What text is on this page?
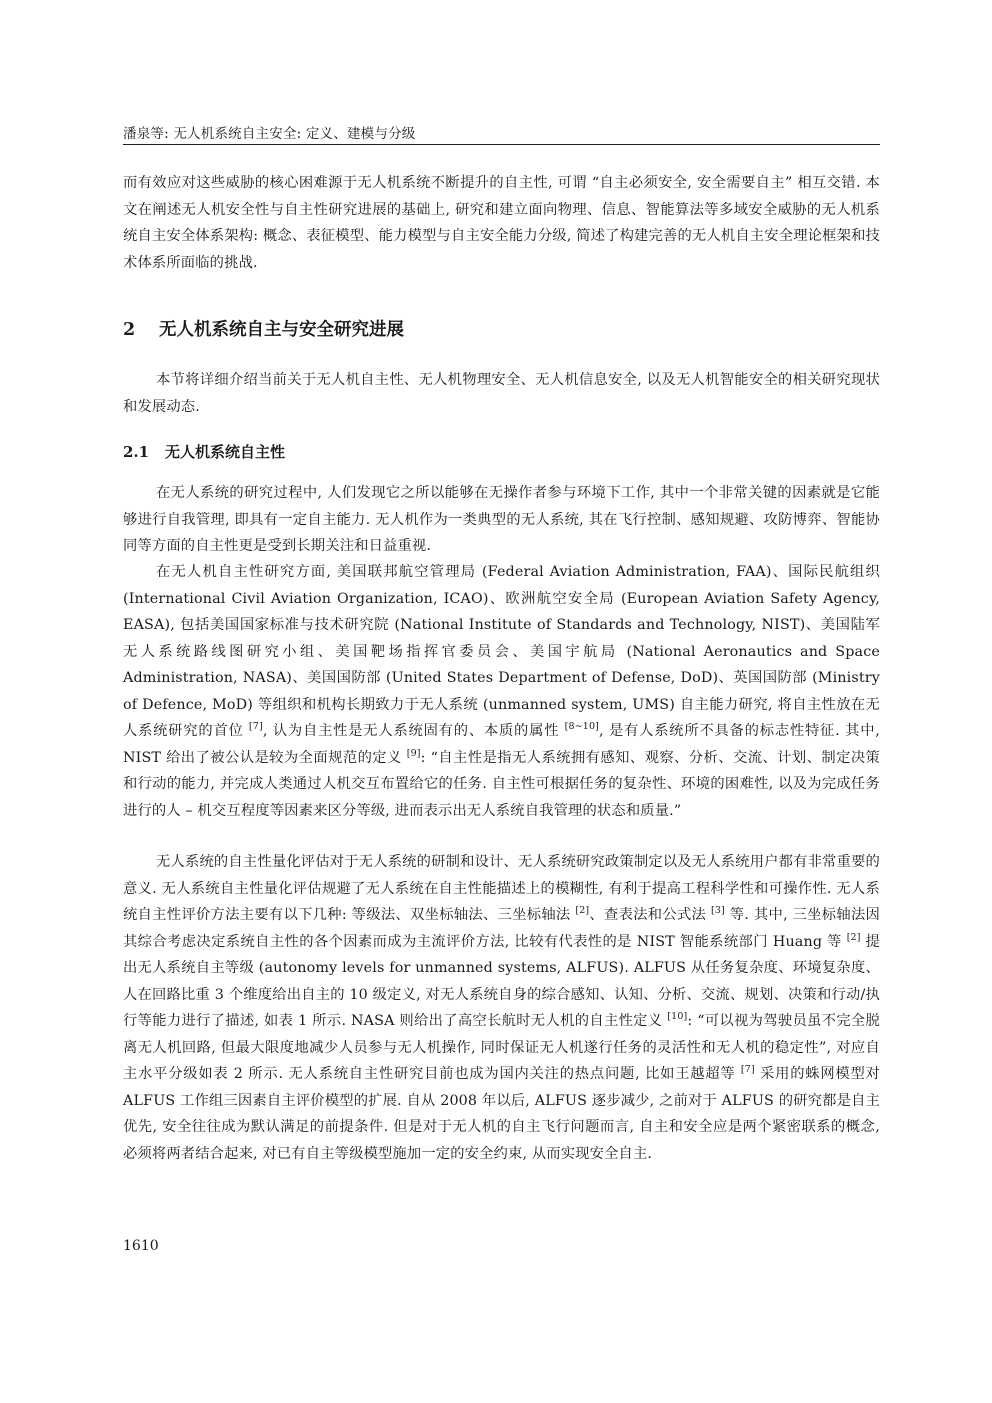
潘泉等: 无人机系统自主安全: 定义、建模与分级

而有效应对这些威胁的核心困难源于无人机系统不断提升的自主性, 可谓 “自主必须安全, 安全需要自主” 相互交错. 本文在阐述无人机安全性与自主性研究进展的基础上, 研究和建立面向物理、信息、智能算法等多域安全威胁的无人机系统自主安全体系架构: 概念、表征模型、能力模型与自主安全能力分级, 简述了构建完善的无人机自主安全理论框架和技术体系所面临的挑战.

2 无人机系统自主与安全研究进展

本节将详细介绍当前关于无人机自主性、无人机物理安全、无人机信息安全, 以及无人机智能安全的相关研究现状和发展动态.

2.1 无人机系统自主性

在无人系统的研究过程中, 人们发现它之所以能够在无操作者参与环境下工作, 其中一个非常关键的因素就是它能够进行自我管理, 即具有一定自主能力. 无人机作为一类典型的无人系统, 其在飞行控制、感知规避、攻防博弈、智能协同等方面的自主性更是受到长期关注和日益重视.

在无人机自主性研究方面, 美国联邦航空管理局 (Federal Aviation Administration, FAA)、国际民航组织 (International Civil Aviation Organization, ICAO)、欧洲航空安全局 (European Aviation Safety Agency, EASA), 包括美国国家标准与技术研究院 (National Institute of Standards and Technology, NIST)、美国陆军无人系统路线图研究小组、美国靶场指挥官委员会、美国宇航局 (National Aeronautics and Space Administration, NASA)、美国国防部 (United States Department of Defense, DoD)、英国国防部 (Ministry of Defence, MoD) 等组织和机构长期致力于无人系统 (unmanned system, UMS) 自主能力研究, 将自主性放在无人系统研究的首位 [7], 认为自主性是无人系统固有的、本质的属性 [8∼10], 是有人系统所不具备的标志性特征. 其中, NIST 给出了被公认是较为全面规范的定义 [9]: “自主性是指无人系统拥有感知、观察、分析、交流、计划、制定决策和行动的能力, 并完成人类通过人机交互布置给它的任务. 自主性可根据任务的复杂性、环境的困难性, 以及为完成任务进行的人 – 机交互程度等因素来区分等级, 进而表示出无人系统自我管理的状态和质量.”

无人系统的自主性量化评估对于无人系统的研制和设计、无人系统研究政策制定以及无人系统用户都有非常重要的意义. 无人系统自主性量化评估规避了无人系统在自主性能描述上的模糊性, 有利于提高工程科学性和可操作性. 无人系统自主性评价方法主要有以下几种: 等级法、双坐标轴法、三坐标轴法 [2]、查表法和公式法 [3] 等. 其中, 三坐标轴法因其综合考虑决定系统自主性的各个因素而成为主流评价方法, 比较有代表性的是 NIST 智能系统部门 Huang 等 [2] 提出无人系统自主等级 (autonomy levels for unmanned systems, ALFUS). ALFUS 从任务复杂度、环境复杂度、人在回路比重 3 个维度给出自主的 10 级定义, 对无人系统自身的综合感知、认知、分析、交流、规划、决策和行动/执行等能力进行了描述, 如表 1 所示. NASA 则给出了高空长航时无人机的自主性定义 [10]: “可以视为驾驶员虽不完全脱离无人机回路, 但最大限度地减少人员参与无人机操作, 同时保证无人机遂行任务的灵活性和无人机的稳定性”, 对应自主水平分级如表 2 所示. 无人系统自主性研究目前也成为国内关注的热点问题, 比如王越超等 [7] 采用的蛛网模型对 ALFUS 工作组三因素自主评价模型的扩展. 自从 2008 年以后, ALFUS 逐步减少, 之前对于 ALFUS 的研究都是自主优先, 安全往往成为默认满足的前提条件. 但是对于无人机的自主飞行问题而言, 自主和安全应是两个紧密联系的概念, 必须将两者结合起来, 对已有自主等级模型施加一定的安全约束, 从而实现安全自主.

1610
